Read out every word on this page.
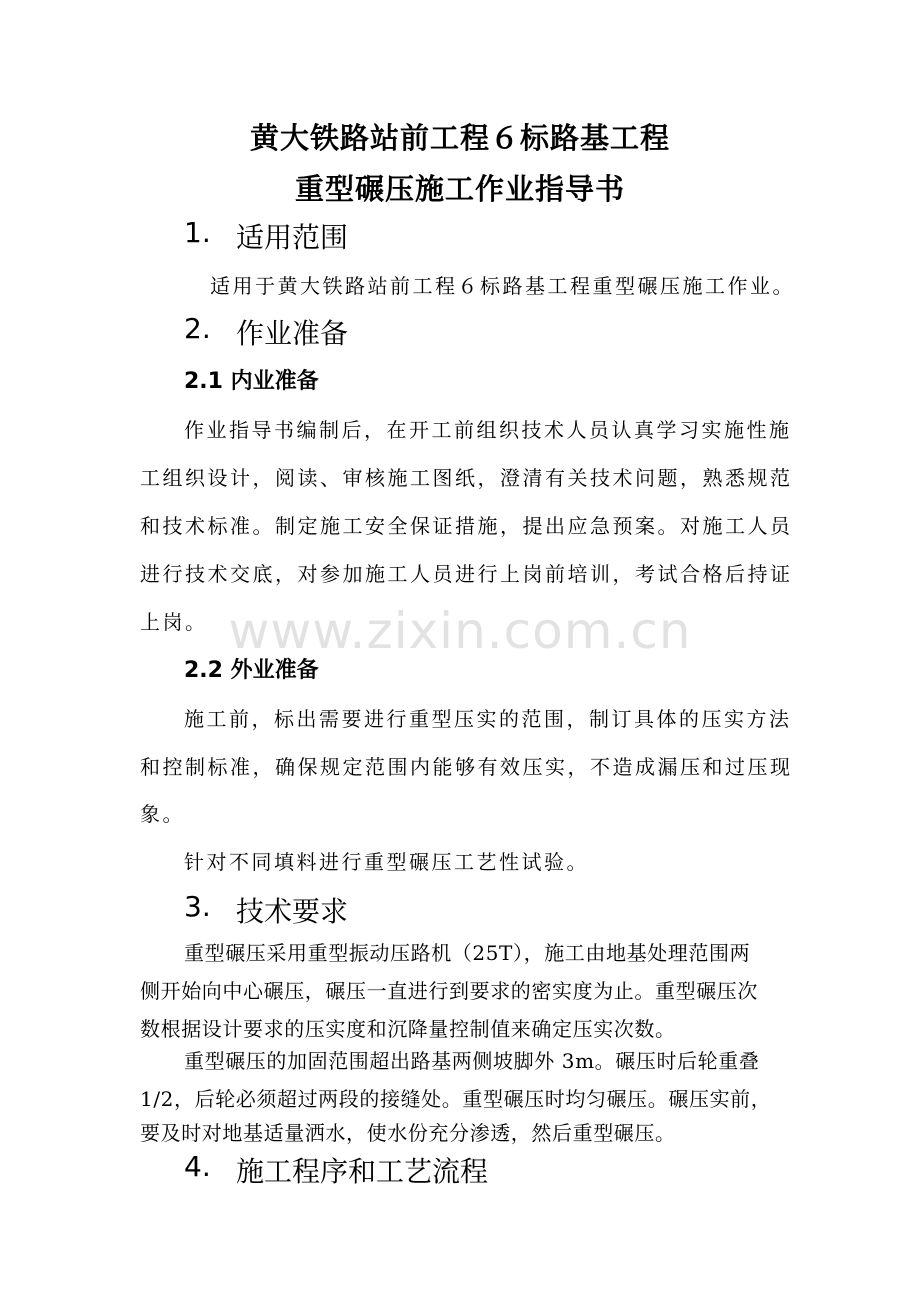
黄大铁路站前工程６标路基工程
重型碾压施工作业指导书
1. 适用范围

适用于黄大铁路站前工程６标路基工程重型碾压施工作业。

2. 作业准备
2.1 内业准备

作业指导书编制后，在开工前组织技术人员认真学习实施性施

工组织设计，阅读、审核施工图纸，澄清有关技术问题，熟悉规范

和技术标准。制定施工安全保证措施，提出应急预案。对施工人员

进行技术交底，对参加施工人员进行上岗前培训，考试合格后持证

上岗。

2.2 外业准备

施工前，标出需要进行重型压实的范围，制订具体的压实方法

和控制标准，确保规定范围内能够有效压实，不造成漏压和过压现

象。

针对不同填料进行重型碾压工艺性试验。

3. 技术要求

重型碾压采用重型振动压路机（25T），施工由地基处理范围两

侧开始向中心碾压，碾压一直进行到要求的密实度为止。重型碾压次

数根据设计要求的压实度和沉降量控制值来确定压实次数。

重型碾压的加固范围超出路基两侧坡脚外 3m。碾压时后轮重叠

1/2，后轮必须超过两段的接缝处。重型碾压时均匀碾压。碾压实前，

要及时对地基适量洒水，使水份充分渗透，然后重型碾压。

4. 施工程序和工艺流程
www.zixin.com.cn
